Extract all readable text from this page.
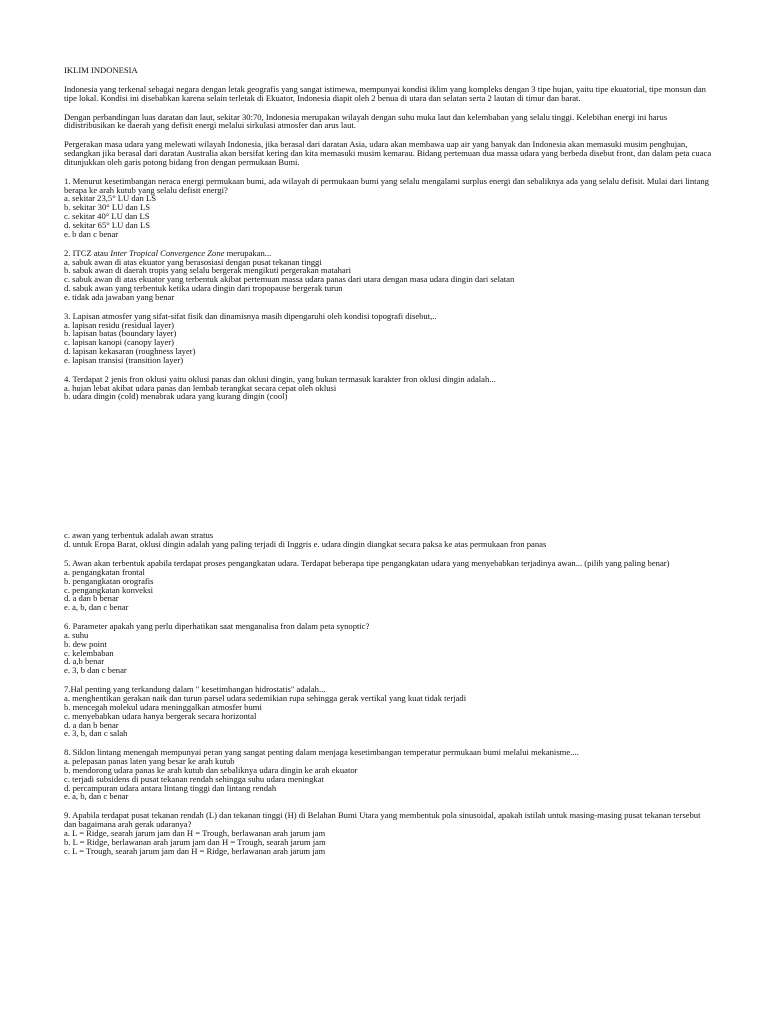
IKLIM INDONESIA

Indonesia yang terkenal sebagai negara dengan letak geografis yang sangat istimewa, mempunyai kondisi iklim yang kompleks dengan 3 tipe hujan, yaitu tipe ekuatorial, tipe monsun dan tipe lokal. Kondisi ini disebabkan karena selain terletak di Ekuator, Indonesia diapit oleh 2 benua di utara dan selatan serta 2 lautan di timur dan barat.

Dengan perbandingan luas daratan dan laut, sekitar 30:70, Indonesia merupakan wilayah dengan suhu muka laut dan kelembaban yang selalu tinggi. Kelebihan energi ini harus didistribusikan ke daerah yang defisit energi melalui sirkulasi atmosfer dan arus laut.

Pergerakan masa udara yang melewati wilayah Indonesia, jika berasal dari daratan Asia, udara akan membawa uap air yang banyak dan Indonesia akan memasuki musim penghujan, sedangkan jika berasal dari daratan Australia akan bersifat kering dan kita memasuki musim kemarau. Bidang pertemuan dua massa udara yang berbeda disebut front, dan dalam peta cuaca ditunjukkan oleh garis potong bidang fron dengan permukaan Bumi.

1. Menurut kesetimbangan neraca energi permukaan bumi, ada wilayah di permukaan bumi yang selalu mengalami surplus energi dan sebaliknya ada yang selalu defisit. Mulai dari lintang berapa ke arah kutub yang selalu defisit energi?

a. sekitar 23,5° LU dan LS
b. sekitar 30° LU dan LS
c. sekitar 40° LU dan LS
d. sekitar 65° LU dan LS
e. b dan c benar

2. ITCZ atau Inter Tropical Convergence Zone merupakan...

a. sabuk awan di atas ekuator yang berasosiasi dengan pusat tekanan tinggi
b. sabuk awan di daerah tropis yang selalu bergerak mengikuti pergerakan matahari
c. sabuk awan di atas ekuator yang terbentuk akibat pertemuan massa udara panas dari utara dengan masa udara dingin dari selatan
d. sabuk awan yang terbentuk ketika udara dingin dari tropopause bergerak turun
e. tidak ada jawaban yang benar

3. Lapisan atmosfer yang sifat-sifat fisik dan dinamisnya masih dipengaruhi oleh kondisi topografi disebut,..

a. lapisan residu (residual layer)
b. lapisan batas (boundary layer)
c. lapisan kanopi (canopy layer)
d. lapisan kekasaran (roughness layer)
e. lapisan transisi (transition layer)

4. Terdapat 2 jenis fron oklusi yaitu oklusi panas dan oklusi dingin, yang bukan termasuk karakter fron oklusi dingin adalah...

a. hujan lebat akibat udara panas dan lembab terangkat secara cepat oleh oklusi
b. udara dingin (cold) menabrak udara yang kurang dingin (cool)
c. awan yang terbentuk adalah awan stratus
d. untuk Eropa Barat, oklusi dingin adalah yang paling terjadi di Inggris e. udara dingin diangkat secara paksa ke atas permukaan fron panas

5. Awan akan terbentuk apabila terdapat proses pengangkatan udara. Terdapat beberapa tipe pengangkatan udara yang menyebabkan terjadinya awan... (pilih yang paling benar)

a. pengangkatan frontal
b. pengangkatan orografis
c. pengangkatan konveksi
d. a dan b benar
e. a, b, dan c benar

6. Parameter apakah yang perlu diperhatikan saat menganalisa fron dalam peta synoptic?

a. suhu
b. dew point
c. kelembaban
d. a,b benar
e. 3, b dan c benar

7.Hal penting yang terkandung dalam " kesetimbangan hidrostatis" adalah...

a. menghentikan gerakan naik dan turun parsel udara sedemikian rupa sehingga gerak vertikal yang kuat tidak terjadi
b. mencegah molekul udara meninggalkan atmosfer bumi
c. menyebabkan udara hanya bergerak secara horizontal
d. a dan b benar
e. 3, b, dan c salah

8. Siklon lintang menengah mempunyai peran yang sangat penting dalam menjaga kesetimbangan temperatur permukaan bumi melalui mekanisme....

a. pelepasan panas laten yang besar ke arah kutub
b. mendorong udara panas ke arah kutub dan sebaliknya udara dingin ke arah ekuator
c. terjadi subsidens di pusat tekanan rendah sehingga suhu udara meningkat
d. percampuran udara antara lintang tinggi dan lintang rendah
e. a, b, dan c benar

9. Apabila terdapat pusat tekanan rendah (L) dan tekanan tinggi (H) di Belahan Bumi Utara yang membentuk pola sinusoidal, apakah istilah untuk masing-masing pusat tekanan tersebut dan bagaimana arah gerak udaranya?

a. L = Ridge, searah jarum jam dan H = Trough, berlawanan arah jarum jam
b. L = Ridge, berlawanan arah jarum jam dan H = Trough, searah jarum jam
c. L = Trough, searah jarum jam dan H = Ridge, berlawanan arah jarum jam
